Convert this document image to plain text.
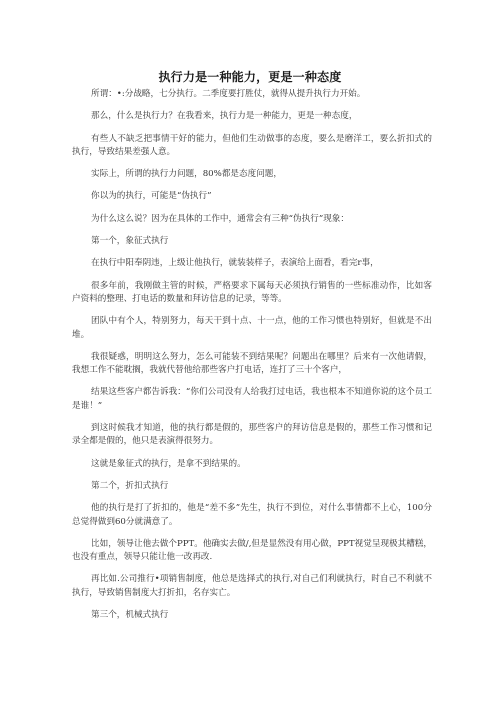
执行力是一种能力，更是一种态度

所谓：•:分战略，七分执行。二季度要打胜仗，就得从提升执行力开始。

那么，什么是执行力？在我看来，执行力是一种能力，更是一种态度，

有些人不缺乏把事情干好的能力，但他们生动做事的态度，要么是磨洋工，要么折扣式的执行，导致结果差强人意。

实际上，所谓的执行力问题，80%都是态度问题，

你以为的执行，可能是“伪执行”

为什么这么说？因为在具体的工作中，通常会有三种“伪执行”现象：

第一个，象征式执行

在执行中阳奉阴违，上级让他执行，就装装样子，表演给上面看，看完r事，

很多年前，我刚做主管的时候，严格要求下属每天必须执行销售的一些标准动作，比如客户资料的整理、打电话的数量和拜访信息的记录，等等。

团队中有个人，特别努力，每天干到十点、十一点，他的工作习惯也特别好，但就是不出堆。

我很疑惑，明明这么努力，怎么可能装不到结果呢？问题出在哪里？后来有一次他请假，我想工作不能耽搁，我就代替他给那些客户打电话，连打了三十个客户，

结果这些客户都告诉我：“你们公司没有人给我打过电话，我也根本不知道你说的这个员工是谁！”

到这时候我才知道，他的执行都是假的，那些客户的拜访信息是假的，那些工作习惯和记录全都是假的，他只是表演得很努力。

这就是象征式的执行，是拿不到结果的。

第二个，折扣式执行

他的执行是打了折扣的，他是“差不多”先生，执行不到位，对什么事情都不上心，100分总觉得做到60分就满意了。

比如，领导让他去做个PPT。他确实去做/,但是显然没有用心做，PPT视觉呈现极其槽糕，也没有重点，领导只能让他一改再改.

再比如.公司推行•项销售制度，他总是选择式的执行,对自己们利就执行，时自己不利就不执行，导致销售制度大打折扣，名存实亡。

第三个，机械式执行
